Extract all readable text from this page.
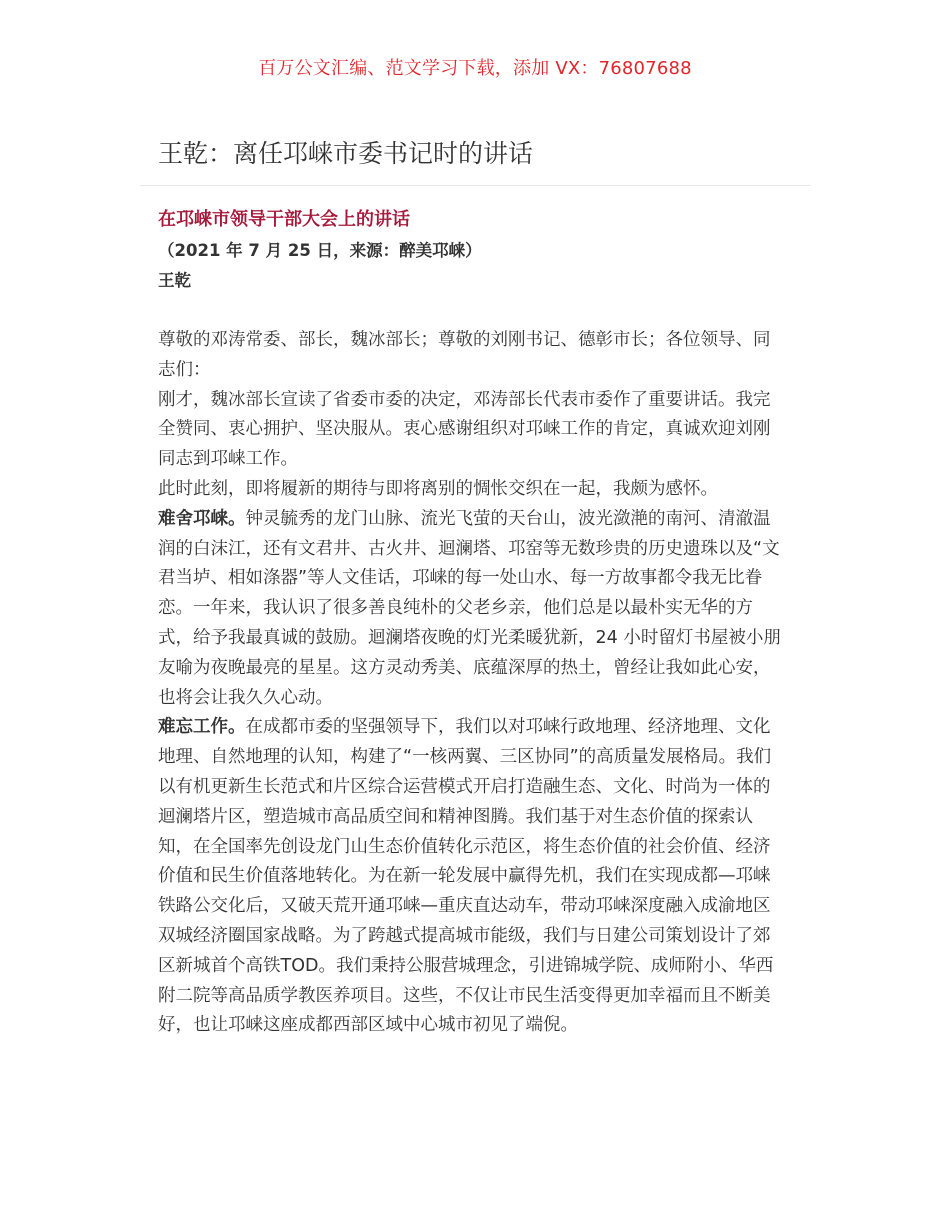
百万公文汇编、范文学习下载，添加 VX：76807688
王乾：离任邛崃市委书记时的讲话

在邛崃市领导干部大会上的讲话

（2021 年 7 月 25 日，来源：醉美邛崃）

王乾

尊敬的邓涛常委、部长，魏冰部长；尊敬的刘刚书记、德彰市长；各位领导、同志们：

刚才，魏冰部长宣读了省委市委的决定，邓涛部长代表市委作了重要讲话。我完全赞同、衷心拥护、坚决服从。衷心感谢组织对邛崃工作的肯定，真诚欢迎刘刚同志到邛崃工作。

此时此刻，即将履新的期待与即将离别的惆怅交织在一起，我颇为感怀。

难舍邛崃。钟灵毓秀的龙门山脉、流光飞萤的天台山，波光潋滟的南河、清澈温润的白沫江，还有文君井、古火井、迴澜塔、邛窑等无数珍贵的历史遗珠以及“文君当垆、相如涤器”等人文佳话，邛崃的每一处山水、每一方故事都令我无比眷恋。一年来，我认识了很多善良纯朴的父老乡亲，他们总是以最朴实无华的方式，给予我最真诚的鼓励。迴澜塔夜晚的灯光柔暖犹新，24 小时留灯书屋被小朋友喻为夜晚最亮的星星。这方灵动秀美、底蕴深厚的热土，曾经让我如此心安，也将会让我久久心动。

难忘工作。在成都市委的坚强领导下，我们以对邛崃行政地理、经济地理、文化地理、自然地理的认知，构建了“一核两翼、三区协同”的高质量发展格局。我们以有机更新生长范式和片区综合运营模式开启打造融生态、文化、时尚为一体的迴澜塔片区，塑造城市高品质空间和精神图腾。我们基于对生态价值的探索认知，在全国率先创设龙门山生态价值转化示范区，将生态价值的社会价值、经济价值和民生价值落地转化。为在新一轮发展中赢得先机，我们在实现成都—邛崃铁路公交化后，又破天荒开通邛崃—重庆直达动车，带动邛崃深度融入成渝地区双城经济圈国家战略。为了跨越式提高城市能级，我们与日建公司策划设计了郊区新城首个高铁TOD。我们秉持公服营城理念，引进锦城学院、成师附小、华西附二院等高品质学教医养项目。这些，不仅让市民生活变得更加幸福而且不断美好，也让邛崃这座成都西部区域中心城市初见了端倪。
